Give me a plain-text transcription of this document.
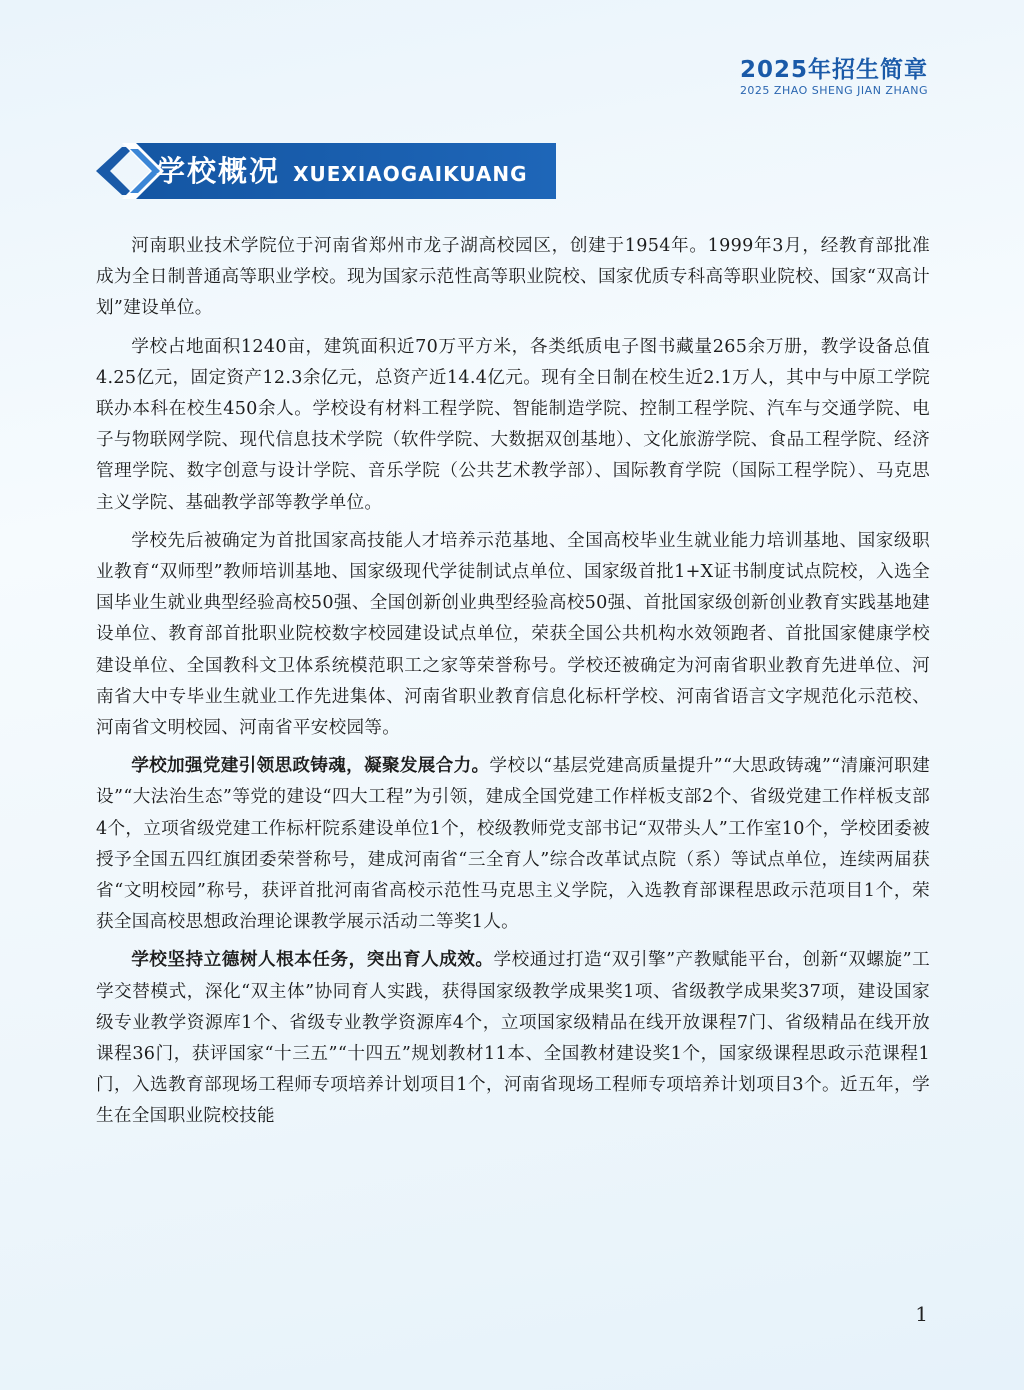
2025年招生简章
2025 ZHAO SHENG JIAN ZHANG
学校概况 XUEXIAOGAIKUANG

河南职业技术学院位于河南省郑州市龙子湖高校园区，创建于1954年。1999年3月，经教育部批准成为全日制普通高等职业学校。现为国家示范性高等职业院校、国家优质专科高等职业院校、国家“双高计划”建设单位。

学校占地面积1240亩，建筑面积近70万平方米，各类纸质电子图书藏量265余万册，教学设备总值4.25亿元，固定资产12.3余亿元，总资产近14.4亿元。现有全日制在校生近2.1万人，其中与中原工学院联办本科在校生450余人。学校设有材料工程学院、智能制造学院、控制工程学院、汽车与交通学院、电子与物联网学院、现代信息技术学院（软件学院、大数据双创基地）、文化旅游学院、食品工程学院、经济管理学院、数字创意与设计学院、音乐学院（公共艺术教学部）、国际教育学院（国际工程学院）、马克思主义学院、基础教学部等教学单位。

学校先后被确定为首批国家高技能人才培养示范基地、全国高校毕业生就业能力培训基地、国家级职业教育“双师型”教师培训基地、国家级现代学徒制试点单位、国家级首批1+X证书制度试点院校，入选全国毕业生就业典型经验高校50强、全国创新创业典型经验高校50强、首批国家级创新创业教育实践基地建设单位、教育部首批职业院校数字校园建设试点单位，荣获全国公共机构水效领跑者、首批国家健康学校建设单位、全国教科文卫体系统模范职工之家等荣誉称号。学校还被确定为河南省职业教育先进单位、河南省大中专毕业生就业工作先进集体、河南省职业教育信息化标杆学校、河南省语言文字规范化示范校、河南省文明校园、河南省平安校园等。

学校加强党建引领思政铸魂，凝聚发展合力。学校以“基层党建高质量提升”“大思政铸魂”“清廉河职建设”“大法治生态”等党的建设“四大工程”为引领，建成全国党建工作样板支部2个、省级党建工作样板支部4个，立项省级党建工作标杆院系建设单位1个，校级教师党支部书记“双带头人”工作室10个，学校团委被授予全国五四红旗团委荣誉称号，建成河南省“三全育人”综合改革试点院（系）等试点单位，连续两届获省“文明校园”称号，获评首批河南省高校示范性马克思主义学院，入选教育部课程思政示范项目1个，荣获全国高校思想政治理论课教学展示活动二等奖1人。

学校坚持立德树人根本任务，突出育人成效。学校通过打造“双引擎”产教赋能平台，创新“双螺旋”工学交替模式，深化“双主体”协同育人实践，获得国家级教学成果奖1项、省级教学成果奖37项，建设国家级专业教学资源库1个、省级专业教学资源库4个，立项国家级精品在线开放课程7门、省级精品在线开放课程36门，获评国家“十三五”“十四五”规划教材11本、全国教材建设奖1个，国家级课程思政示范课程1门，入选教育部现场工程师专项培养计划项目1个，河南省现场工程师专项培养计划项目3个。近五年，学生在全国职业院校技能

1
